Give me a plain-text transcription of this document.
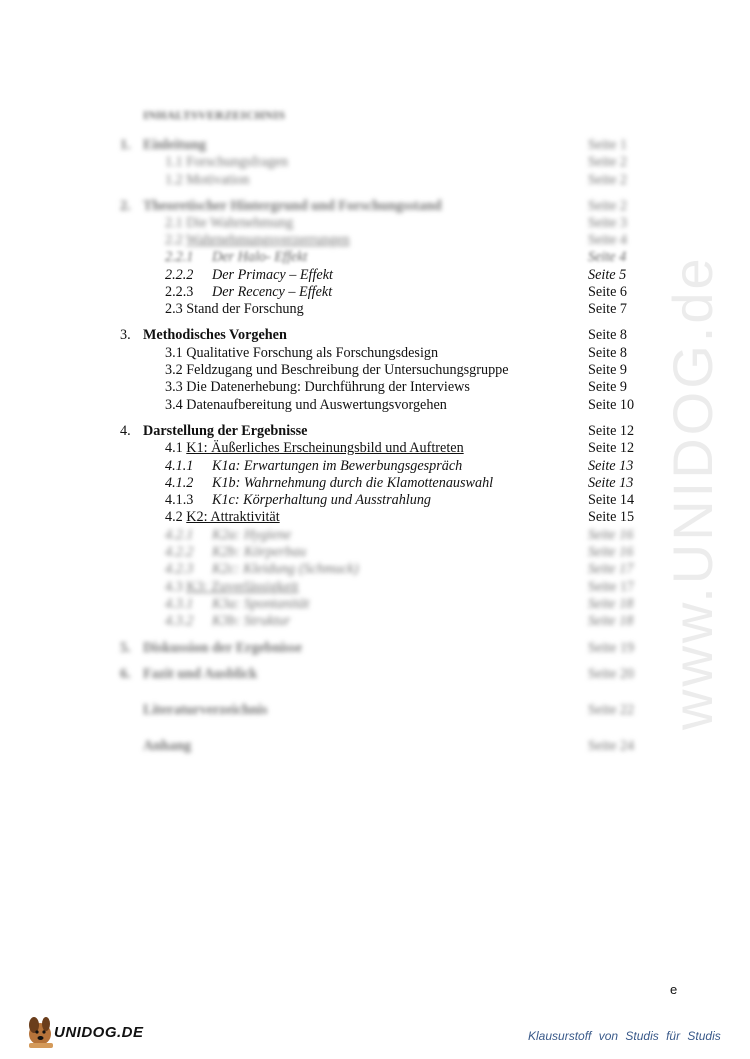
INHALTSVERZEICHNIS
1. Einleitung	Seite 1
1.1 Forschungsfragen	Seite 2
1.2 Motivation	Seite 2
2. Theoretischer Hintergrund und Forschungsstand	Seite 2
2.1 Die Wahrnehmung	Seite 3
2.2 Wahrnehmungsverzerrungen	Seite 4
2.2.1 Der Halo- Effekt	Seite 4
2.2.2 Der Primacy – Effekt	Seite 5
2.2.3 Der Recency – Effekt	Seite 6
2.3 Stand der Forschung	Seite 7
3. Methodisches Vorgehen	Seite 8
3.1 Qualitative Forschung als Forschungsdesign	Seite 8
3.2 Feldzugang und Beschreibung der Untersuchungsgruppe	Seite 9
3.3 Die Datenerhebung: Durchführung der Interviews	Seite 9
3.4 Datenaufbereitung und Auswertungsvorgehen	Seite 10
4. Darstellung der Ergebnisse	Seite 12
4.1 K1: Äußerliches Erscheinungsbild und Auftreten	Seite 12
4.1.1 K1a: Erwartungen im Bewerbungsgespräch	Seite 13
4.1.2 K1b: Wahrnehmung durch die Klamottenauswahl	Seite 13
4.1.3 K1c: Körperhaltung und Ausstrahlung	Seite 14
4.2 K2: Attraktivität	Seite 15
4.2.1 K2a: Hygiene	Seite 16
4.2.2 K2b: Körperbau	Seite 16
4.2.3 K2c: Kleidung (Schmuck)	Seite 17
4.3 K3: Zuverlässigkeit	Seite 17
4.3.1 K3a: Spontanität	Seite 18
4.3.2 K3b: Struktur	Seite 18
5. Diskussion der Ergebnisse	Seite 19
6. Fazit und Ausblick	Seite 20
Literaturverzeichnis	Seite 22
Anhang	Seite 24
www.UNIDOG.de
e
UNIDOG.DE	Klausurstoff von Studis für Studis
